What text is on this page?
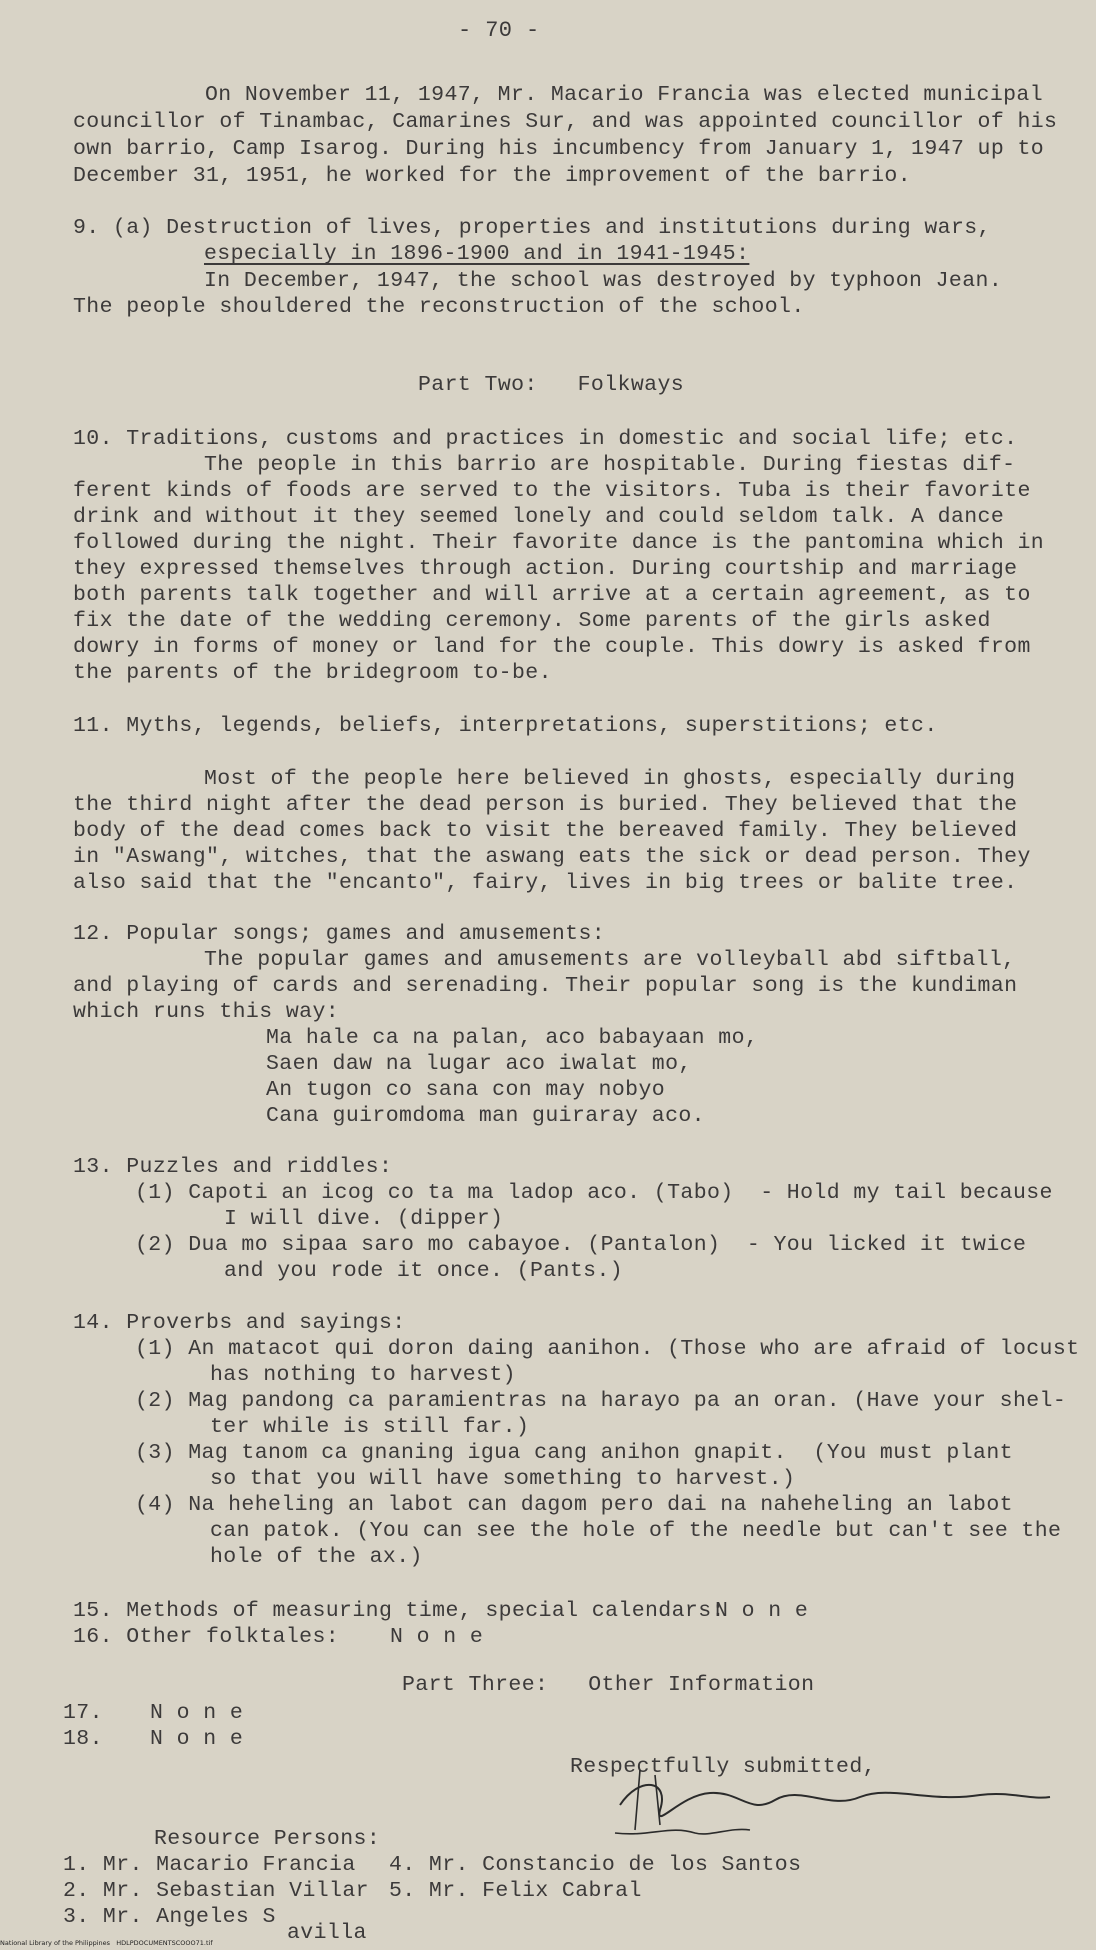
- 70 -
On November 11, 1947, Mr. Macario Francia was elected municipal
councillor of Tinambac, Camarines Sur, and was appointed councillor of his
own barrio, Camp Isarog. During his incumbency from January 1, 1947 up to
December 31, 1951, he worked for the improvement of the barrio.
9. (a) Destruction of lives, properties and institutions during wars,
especially in 1896-1900 and in 1941-1945:
In December, 1947, the school was destroyed by typhoon Jean.
The people shouldered the reconstruction of the school.
Part Two:   Folkways
10. Traditions, customs and practices in domestic and social life; etc.
The people in this barrio are hospitable. During fiestas dif-
ferent kinds of foods are served to the visitors. Tuba is their favorite
drink and without it they seemed lonely and could seldom talk. A dance
followed during the night. Their favorite dance is the pantomina which in
they expressed themselves through action. During courtship and marriage
both parents talk together and will arrive at a certain agreement, as to
fix the date of the wedding ceremony. Some parents of the girls asked
dowry in forms of money or land for the couple. This dowry is asked from
the parents of the bridegroom to-be.
11. Myths, legends, beliefs, interpretations, superstitions; etc.
Most of the people here believed in ghosts, especially during
the third night after the dead person is buried. They believed that the
body of the dead comes back to visit the bereaved family. They believed
in "Aswang", witches, that the aswang eats the sick or dead person. They
also said that the "encanto", fairy, lives in big trees or balite tree.
12. Popular songs; games and amusements:
The popular games and amusements are volleyball abd siftball,
and playing of cards and serenading. Their popular song is the kundiman
which runs this way:
Ma hale ca na palan, aco babayaan mo,
Saen daw na lugar aco iwalat mo,
An tugon co sana con may nobyo
Cana guiromdoma man guiraray aco.
13. Puzzles and riddles:
(1) Capoti an icog co ta ma ladop aco. (Tabo)  - Hold my tail because
I will dive. (dipper)
(2) Dua mo sipaa saro mo cabayoe. (Pantalon)  - You licked it twice
and you rode it once. (Pants.)
14. Proverbs and sayings:
(1) An matacot qui doron daing aanihon. (Those who are afraid of locust
has nothing to harvest)
(2) Mag pandong ca paramientras na harayo pa an oran. (Have your shel-
ter while is still far.)
(3) Mag tanom ca gnaning igua cang anihon gnapit.  (You must plant
so that you will have something to harvest.)
(4) Na heheling an labot can dagom pero dai na naheheling an labot
can patok. (You can see the hole of the needle but can't see the
hole of the ax.)
15. Methods of measuring time, special calendars:
N o n e
16. Other folktales: N o n e
Part Three:   Other Information
17. N o n e
18. N o n e
Respectfully submitted,
Resource Persons:
1. Mr. Macario Francia 4. Mr. Constancio de los Santos
2. Mr. Sebastian Villar 5. Mr. Felix Cabral
3. Mr. Angeles S
avilla
National Library of the Philippines   HDLPDOCUMENTSCOOO71.tif
